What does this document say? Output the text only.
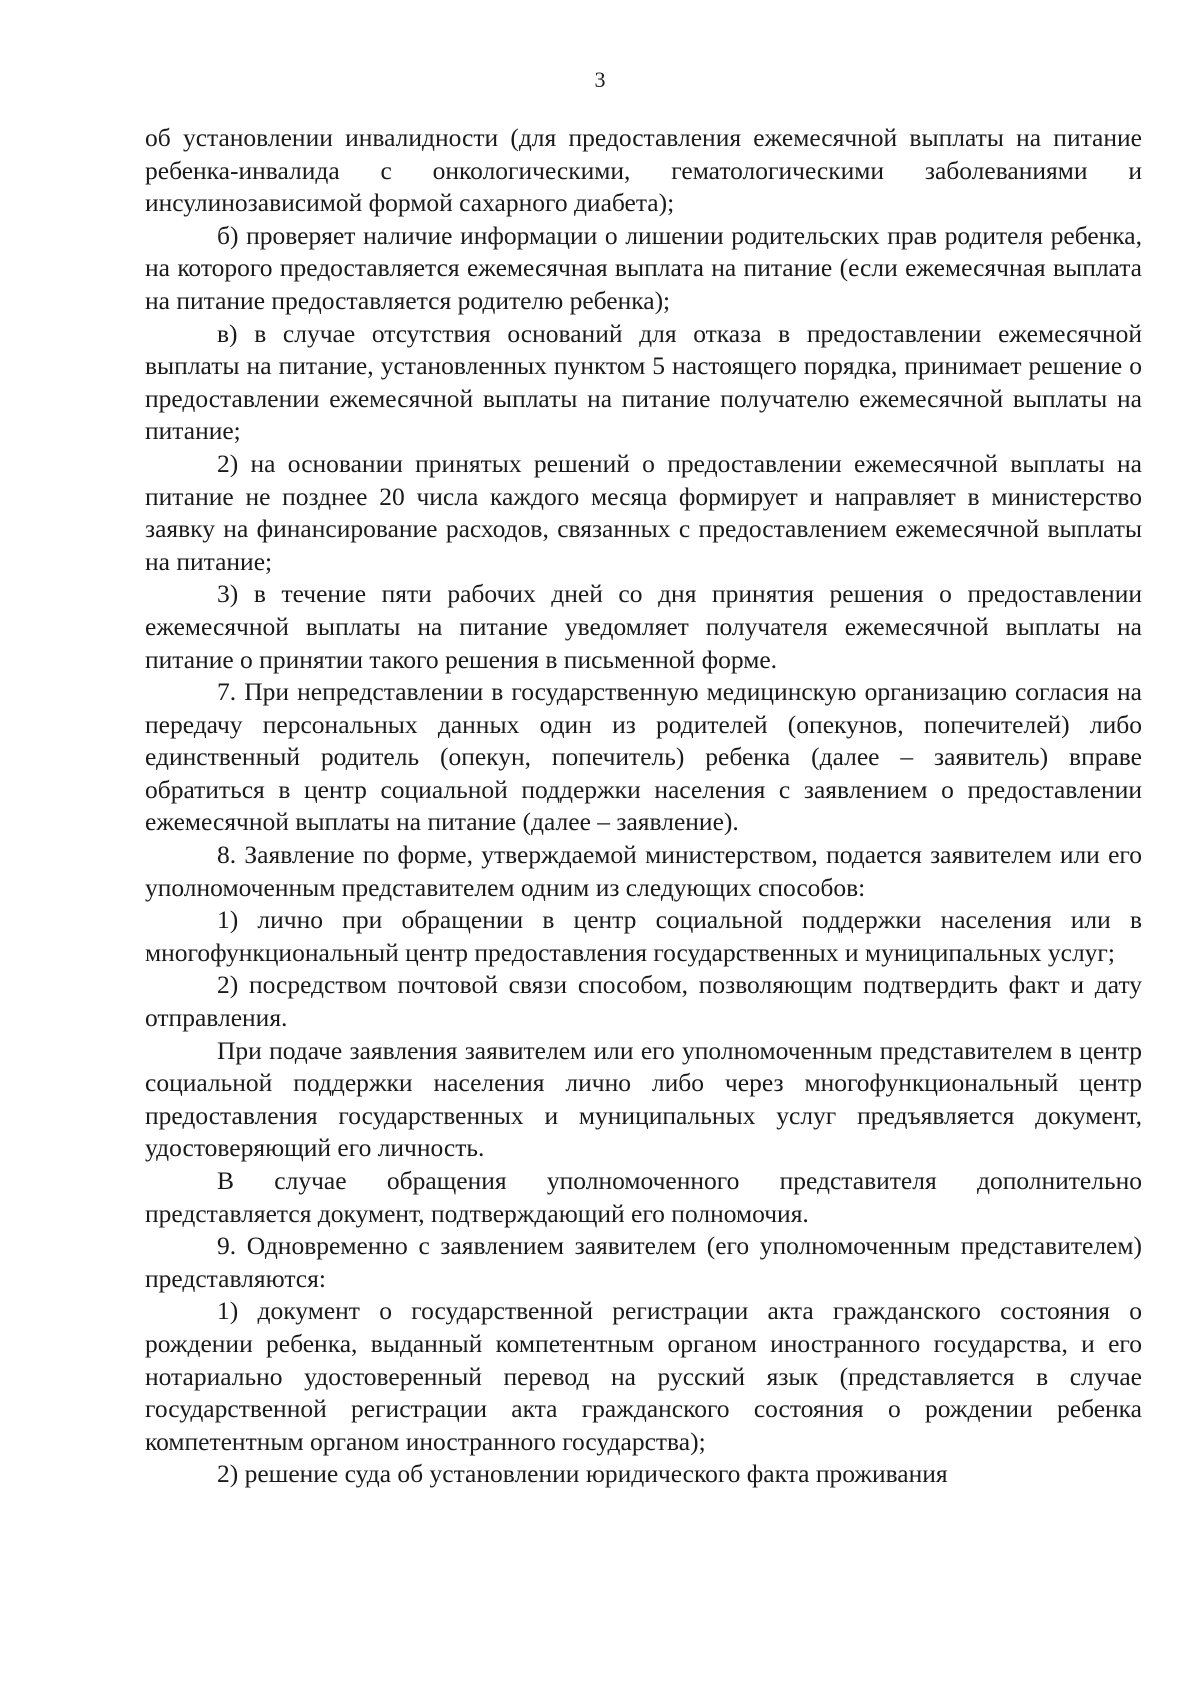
3

об установлении инвалидности (для предоставления ежемесячной выплаты на питание ребенка-инвалида с онкологическими, гематологическими заболеваниями и инсулинозависимой формой сахарного диабета);

б) проверяет наличие информации о лишении родительских прав родителя ребенка, на которого предоставляется ежемесячная выплата на питание (если ежемесячная выплата на питание предоставляется родителю ребенка);

в) в случае отсутствия оснований для отказа в предоставлении ежемесячной выплаты на питание, установленных пунктом 5 настоящего порядка, принимает решение о предоставлении ежемесячной выплаты на питание получателю ежемесячной выплаты на питание;

2) на основании принятых решений о предоставлении ежемесячной выплаты на питание не позднее 20 числа каждого месяца формирует и направляет в министерство заявку на финансирование расходов, связанных с предоставлением ежемесячной выплаты на питание;

3) в течение пяти рабочих дней со дня принятия решения о предоставлении ежемесячной выплаты на питание уведомляет получателя ежемесячной выплаты на питание о принятии такого решения в письменной форме.

7. При непредставлении в государственную медицинскую организацию согласия на передачу персональных данных один из родителей (опекунов, попечителей) либо единственный родитель (опекун, попечитель) ребенка (далее – заявитель) вправе обратиться в центр социальной поддержки населения с заявлением о предоставлении ежемесячной выплаты на питание (далее – заявление).

8. Заявление по форме, утверждаемой министерством, подается заявителем или его уполномоченным представителем одним из следующих способов:

1) лично при обращении в центр социальной поддержки населения или в многофункциональный центр предоставления государственных и муниципальных услуг;

2) посредством почтовой связи способом, позволяющим подтвердить факт и дату отправления.

При подаче заявления заявителем или его уполномоченным представителем в центр социальной поддержки населения лично либо через многофункциональный центр предоставления государственных и муниципальных услуг предъявляется документ, удостоверяющий его личность.

В случае обращения уполномоченного представителя дополнительно представляется документ, подтверждающий его полномочия.

9. Одновременно с заявлением заявителем (его уполномоченным представителем) представляются:

1) документ о государственной регистрации акта гражданского состояния о рождении ребенка, выданный компетентным органом иностранного государства, и его нотариально удостоверенный перевод на русский язык (представляется в случае государственной регистрации акта гражданского состояния о рождении ребенка компетентным органом иностранного государства);

2) решение суда об установлении юридического факта проживания
